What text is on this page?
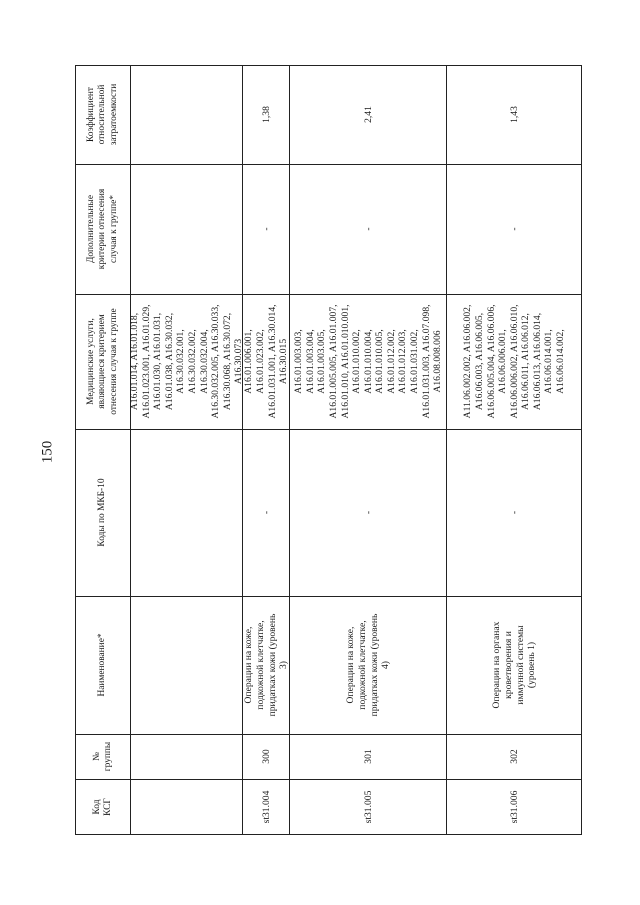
150
Код КСГ
№ группы
Наименование*
Коды по МКБ-10
Медицинские услуги, являющиеся критерием отнесения случая к группе
Дополнительные критерии отнесения случая к группе*
Коэффициент относительной затратоемкости
A16.01.014, A16.01.018, A16.01.023.001, A16.01.029, A16.01.030, A16.01.031, A16.01.038, A16.30.032, A16.30.032.001, A16.30.032.002, A16.30.032.004, A16.30.032.005, A16.30.033, A16.30.068, A16.30.072, A16.30.073
st31.004
300
Операции на коже, подкожной клетчатке, придатках кожи (уровень 3)
-
A16.01.006.001, A16.01.023.002, A16.01.031.001, A16.30.014, A16.30.015
-
1,38
st31.005
301
Операции на коже, подкожной клетчатке, придатках кожи (уровень 4)
-
A16.01.003.003, A16.01.003.004, A16.01.003.005, A16.01.005.005, A16.01.007, A16.01.010, A16.01.010.001, A16.01.010.002, A16.01.010.004, A16.01.010.005, A16.01.012.002, A16.01.012.003, A16.01.031.002, A16.01.031.003, A16.07.098, A16.08.008.006
-
2,41
st31.006
302
Операции на органах кроветворения и иммунной системы (уровень 1)
-
A11.06.002.002, A16.06.002, A16.06.003, A16.06.005, A16.06.005.004, A16.06.006, A16.06.006.001, A16.06.006.002, A16.06.010, A16.06.011, A16.06.012, A16.06.013, A16.06.014, A16.06.014.001, A16.06.014.002,
-
1,43
